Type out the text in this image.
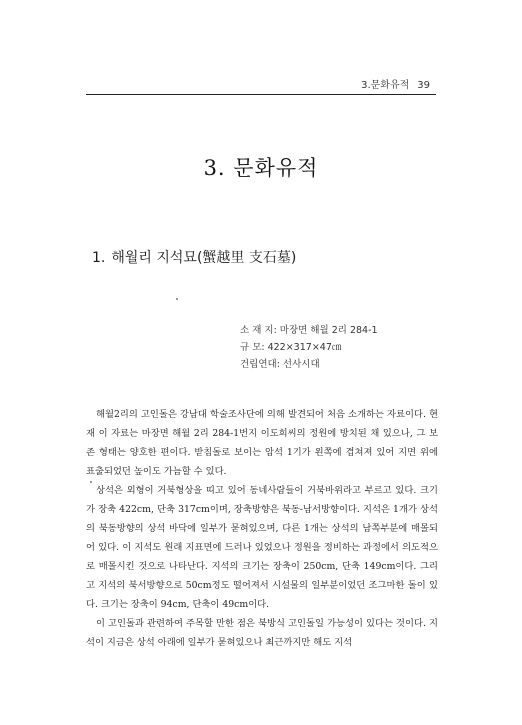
3.문화유적 39
3. 문화유적
1. 해월리 지석묘(蟹越里 支石墓)
소 재 지: 마장면 해월 2리 284-1
규 모: 422×317×47㎝
건립연대: 선사시대

해월2리의 고인돌은 강남대 학술조사단에 의해 발견되어 처음 소개하는 자료이다. 현재 이 자료는 마장면 해월 2리 284-1번지 이도희씨의 정원에 방치된 채 있으나, 그 보존 형태는 양호한 편이다. 받침돌로 보이는 암석 1기가 왼쪽에 겹쳐져 있어 지면 위에 표출되었던 높이도 가늠할 수 있다.

상석은 외형이 거북형상을 띠고 있어 동네사람들이 거북바위라고 부르고 있다. 크기가 장축 422cm, 단축 317cm이며, 장축방향은 북동-남서방향이다. 지석은 1개가 상석의 북동방향의 상석 바닥에 일부가 묻혀있으며, 다른 1개는 상석의 남쪽부분에 매몰되어 있다. 이 지석도 원래 지표면에 드러나 있었으나 정원을 정비하는 과정에서 의도적으로 매몰시킨 것으로 나타난다. 지석의 크기는 장축이 250cm, 단축 149cm이다. 그리고 지석의 북서방향으로 50cm정도 떨어져서 시설물의 일부분이었던 조그마한 돌이 있다. 크기는 장축이 94cm, 단축이 49cm이다.

이 고인돌과 관련하여 주목할 만한 점은 북방식 고인돌일 가능성이 있다는 것이다. 지석이 지금은 상석 아래에 일부가 묻혀있으나 최근까지만 해도 지석
